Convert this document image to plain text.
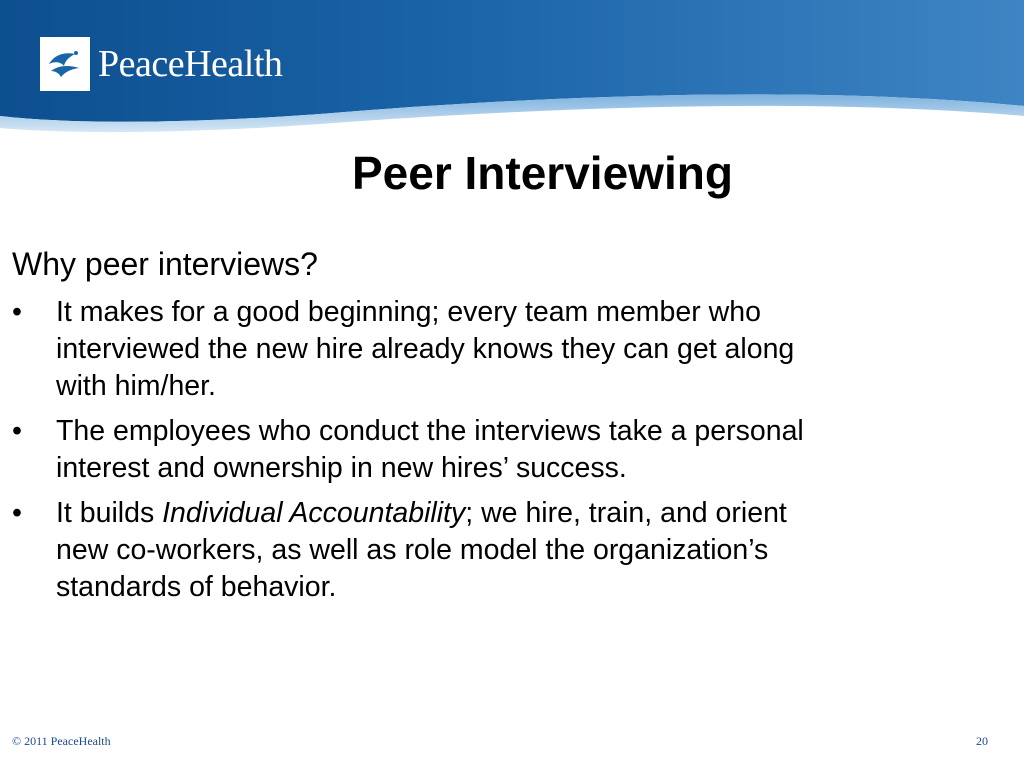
PeaceHealth
Peer Interviewing
Why peer interviews?
• It makes for a good beginning; every team member who interviewed the new hire already knows they can get along with him/her.
• The employees who conduct the interviews take a personal interest and ownership in new hires’ success.
• It builds Individual Accountability; we hire, train, and orient new co-workers, as well as role model the organization’s standards of behavior.
© 2011 PeaceHealth	20
